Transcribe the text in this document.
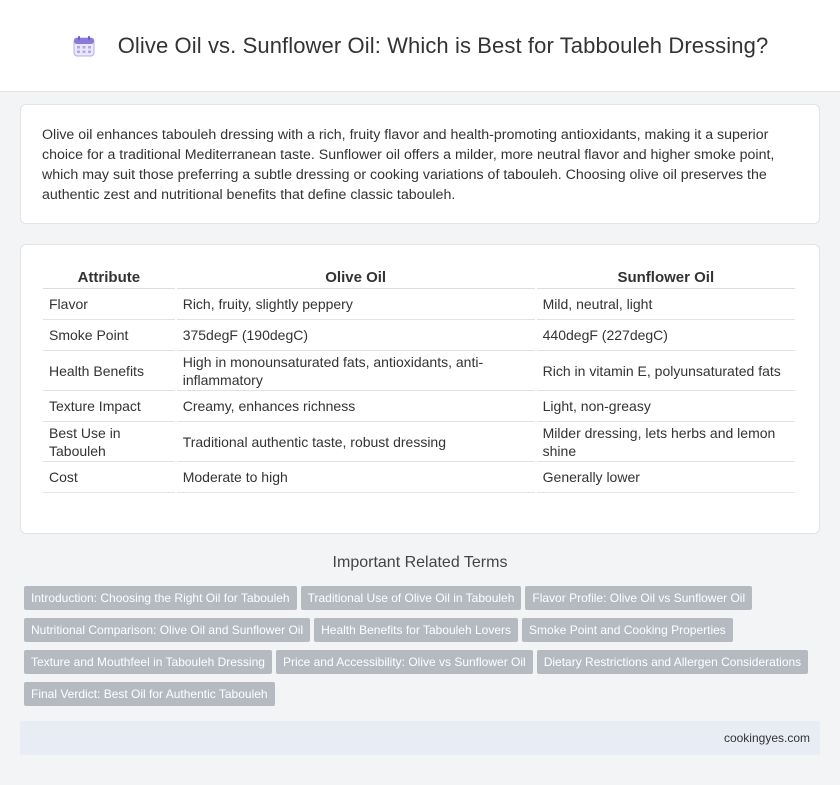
Olive Oil vs. Sunflower Oil: Which is Best for Tabbouleh Dressing?

Olive oil enhances tabouleh dressing with a rich, fruity flavor and health-promoting antioxidants, making it a superior choice for a traditional Mediterranean taste. Sunflower oil offers a milder, more neutral flavor and higher smoke point, which may suit those preferring a subtle dressing or cooking variations of tabouleh. Choosing olive oil preserves the authentic zest and nutritional benefits that define classic tabouleh.

Attribute	Olive Oil	Sunflower Oil
Flavor	Rich, fruity, slightly peppery	Mild, neutral, light
Smoke Point	375degF (190degC)	440degF (227degC)
Health Benefits	High in monounsaturated fats, antioxidants, anti-inflammatory	Rich in vitamin E, polyunsaturated fats
Texture Impact	Creamy, enhances richness	Light, non-greasy
Best Use in Tabouleh	Traditional authentic taste, robust dressing	Milder dressing, lets herbs and lemon shine
Cost	Moderate to high	Generally lower
Important Related Terms
Introduction: Choosing the Right Oil for Tabouleh Traditional Use of Olive Oil in Tabouleh Flavor Profile: Olive Oil vs Sunflower Oil
Nutritional Comparison: Olive Oil and Sunflower Oil Health Benefits for Tabouleh Lovers Smoke Point and Cooking Properties
Texture and Mouthfeel in Tabouleh Dressing Price and Accessibility: Olive vs Sunflower Oil Dietary Restrictions and Allergen Considerations
Final Verdict: Best Oil for Authentic Tabouleh
cookingyes.com
